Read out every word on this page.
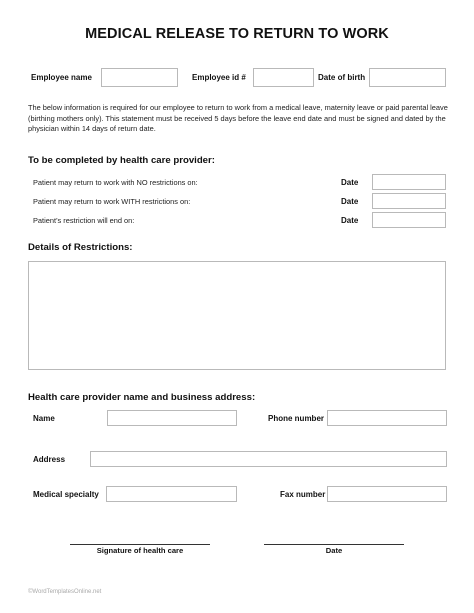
MEDICAL RELEASE TO RETURN TO WORK
Employee name	Employee id #	Date of birth
The below information is required for our employee to return to work from a medical leave, maternity leave or paid parental leave (birthing mothers only). This statement must be received 5 days before the leave end date and must be signed and dated by the physician within 14 days of return date.
To be completed by health care provider:
Patient may return to work with NO restrictions on:	Date
Patient may return to work WITH restrictions on:	Date
Patient’s restriction will end on:	Date
Details of Restrictions:
Health care provider name and business address:
Name	Phone number
Address
Medical specialty	Fax number
Signature of health care	Date
©WordTemplatesOnline.net
